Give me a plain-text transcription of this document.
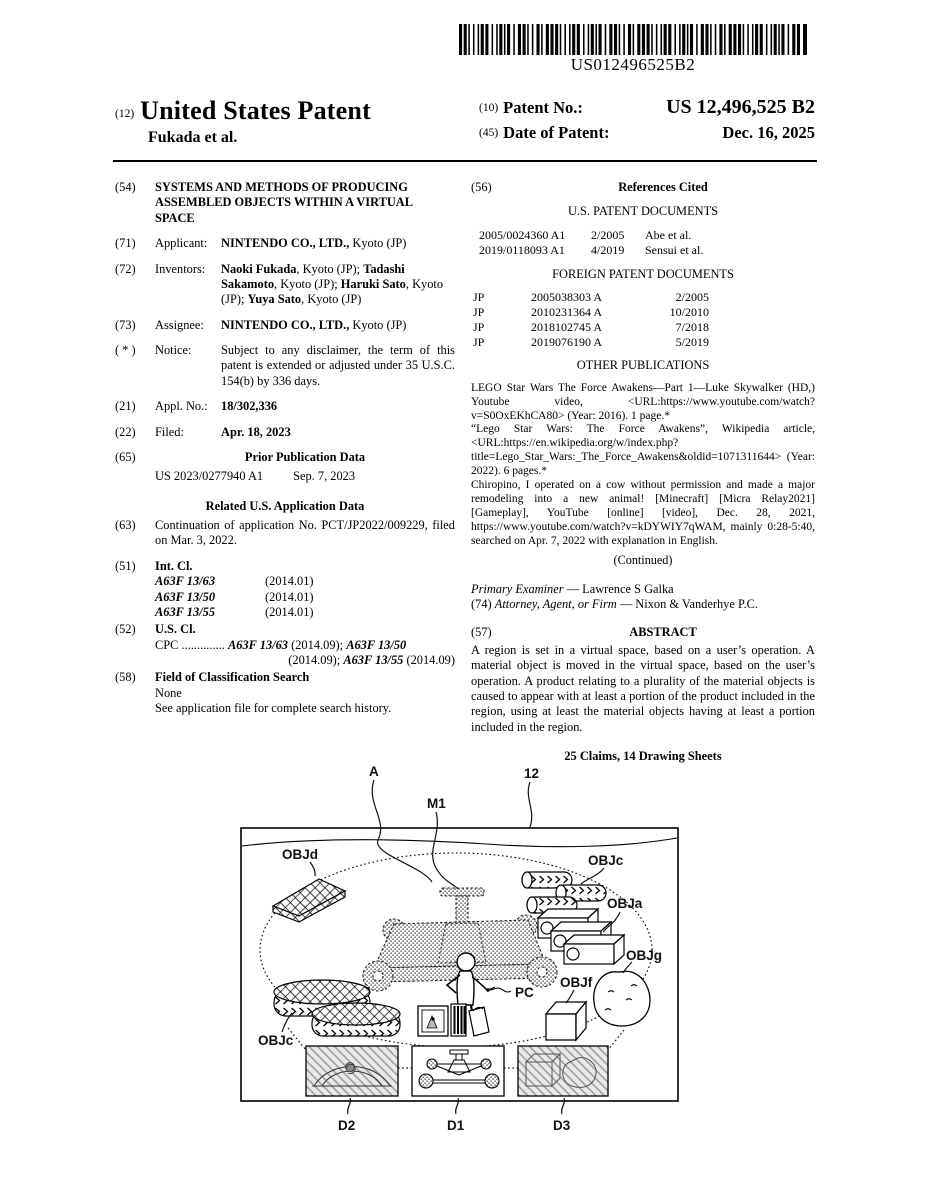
US012496525B2
(12) United States Patent
Fukada et al.
(10) Patent No.:	US 12,496,525 B2
(45) Date of Patent:	Dec. 16, 2025
(54)	SYSTEMS AND METHODS OF PRODUCING ASSEMBLED OBJECTS WITHIN A VIRTUAL SPACE
(71)	Applicant:	NINTENDO CO., LTD., Kyoto (JP)
(72)	Inventors:	Naoki Fukada, Kyoto (JP); Tadashi Sakamoto, Kyoto (JP); Haruki Sato, Kyoto (JP); Yuya Sato, Kyoto (JP)
(73)	Assignee:	NINTENDO CO., LTD., Kyoto (JP)
( * )	Notice:	Subject to any disclaimer, the term of this patent is extended or adjusted under 35 U.S.C. 154(b) by 336 days.
(21)	Appl. No.:	18/302,336
(22)	Filed:	Apr. 18, 2023
(65)	Prior Publication Data
US 2023/0277940 A1 Sep. 7, 2023
Related U.S. Application Data
(63)	Continuation of application No. PCT/JP2022/009229, filed on Mar. 3, 2022.
(51)	Int. Cl.
A63F 13/63	(2014.01)
A63F 13/50	(2014.01)
A63F 13/55	(2014.01)
(52)	U.S. Cl.
CPC .............. A63F 13/63 (2014.09); A63F 13/50
(2014.09); A63F 13/55 (2014.09)
(58)	Field of Classification Search
None
See application file for complete search history.
(56)	References Cited
U.S. PATENT DOCUMENTS
2005/0024360 A1	2/2005	Abe et al.
2019/0118093 A1	4/2019	Sensui et al.
FOREIGN PATENT DOCUMENTS
JP	2005038303 A	2/2005
JP	2010231364 A	10/2010
JP	2018102745 A	7/2018
JP	2019076190 A	5/2019
OTHER PUBLICATIONS
LEGO Star Wars The Force Awakens—Part 1—Luke Skywalker (HD,) Youtube video, <URL:https://www.youtube.com/watch?v=S0OxEKhCA80> (Year: 2016). 1 page.*
“Lego Star Wars: The Force Awakens”, Wikipedia article, <URL:https://en.wikipedia.org/w/index.php?title=Lego_Star_Wars:_The_Force_Awakens&oldid=1071311644> (Year: 2022). 6 pages.*
Chiropino, I operated on a cow without permission and made a major remodeling into a new animal! [Minecraft] [Micra Relay2021] [Gameplay], YouTube [online] [video], Dec. 28, 2021, https://www.youtube.com/watch?v=kDYWIY7qWAM, mainly 0:28-5:40, searched on Apr. 7, 2022 with explanation in English.
(Continued)
Primary Examiner — Lawrence S Galka
(74) Attorney, Agent, or Firm — Nixon & Vanderhye P.C.
(57)	ABSTRACT
A region is set in a virtual space, based on a user’s operation. A material object is moved in the virtual space, based on the user’s operation. A product relating to a plurality of the material objects is caused to appear with at least a portion of the product included in the region, using at least the material objects having at least a portion included in the region.
25 Claims, 14 Drawing Sheets
A
M1
12
OBJd	OBJc
OBJa
OBJg
OBJf
PC
OBJc
D2	D1	D3
